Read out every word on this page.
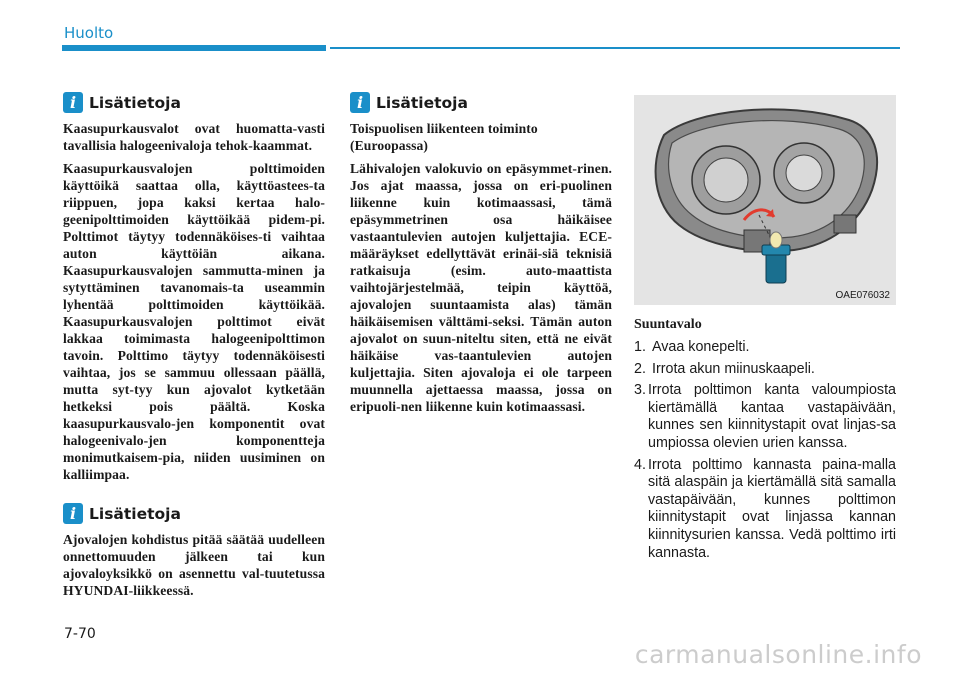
Huolto
i Lisätietoja

Kaasupurkausvalot ovat huomatta-vasti tavallisia halogeenivaloja tehok-kaammat.

Kaasupurkausvalojen polttimoiden käyttöikä saattaa olla, käyttöastees-ta riippuen, jopa kaksi kertaa halo-geenipolttimoiden käyttöikää pidem-pi. Polttimot täytyy todennäköises-ti vaihtaa auton käyttöiän aikana. Kaasupurkausvalojen sammutta-minen ja sytyttäminen tavanomais-ta useammin lyhentää polttimoiden käyttöikää. Kaasupurkausvalojen polttimot eivät lakkaa toimimasta halogeenipolttimon tavoin. Polttimo täytyy todennäköisesti vaihtaa, jos se sammuu ollessaan päällä, mutta syt-tyy kun ajovalot kytketään hetkeksi pois päältä. Koska kaasupurkausvalo-jen komponentit ovat halogeenivalo-jen komponentteja monimutkaisem-pia, niiden uusiminen on kalliimpaa.

i Lisätietoja

Ajovalojen kohdistus pitää säätää uudelleen onnettomuuden jälkeen tai kun ajovaloyksikkö on asennettu val-tuutetussa HYUNDAI-liikkeessä.

i Lisätietoja

Toispuolisen liikenteen toiminto (Euroopassa)

Lähivalojen valokuvio on epäsymmet-rinen. Jos ajat maassa, jossa on eri-puolinen liikenne kuin kotimaassasi, tämä epäsymmetrinen osa häikäisee vastaantulevien autojen kuljettajia. ECE-määräykset edellyttävät erinäi-siä teknisiä ratkaisuja (esim. auto-maattista vaihtojärjestelmää, teipin käyttöä, ajovalojen suuntaamista alas) tämän häikäisemisen välttämi-seksi. Tämän auton ajovalot on suun-niteltu siten, että ne eivät häikäise vas-taantulevien autojen kuljettajia. Siten ajovaloja ei ole tarpeen muunnella ajettaessa maassa, jossa on eripuoli-nen liikenne kuin kotimaassasi.

OAE076032
Suuntavalo
1. Avaa konepelti.
2. Irrota akun miinuskaapeli.
3. Irrota polttimon kanta valoumpiosta kiertämällä kantaa vastapäivään, kunnes sen kiinnitystapit ovat linjas-sa umpiossa olevien urien kanssa.
4. Irrota polttimo kannasta paina-malla sitä alaspäin ja kiertämällä sitä samalla vastapäivään, kunnes polttimon kiinnitystapit ovat linjassa kannan kiinnitysurien kanssa. Vedä polttimo irti kannasta.
7-70
carmanualsonline.info
